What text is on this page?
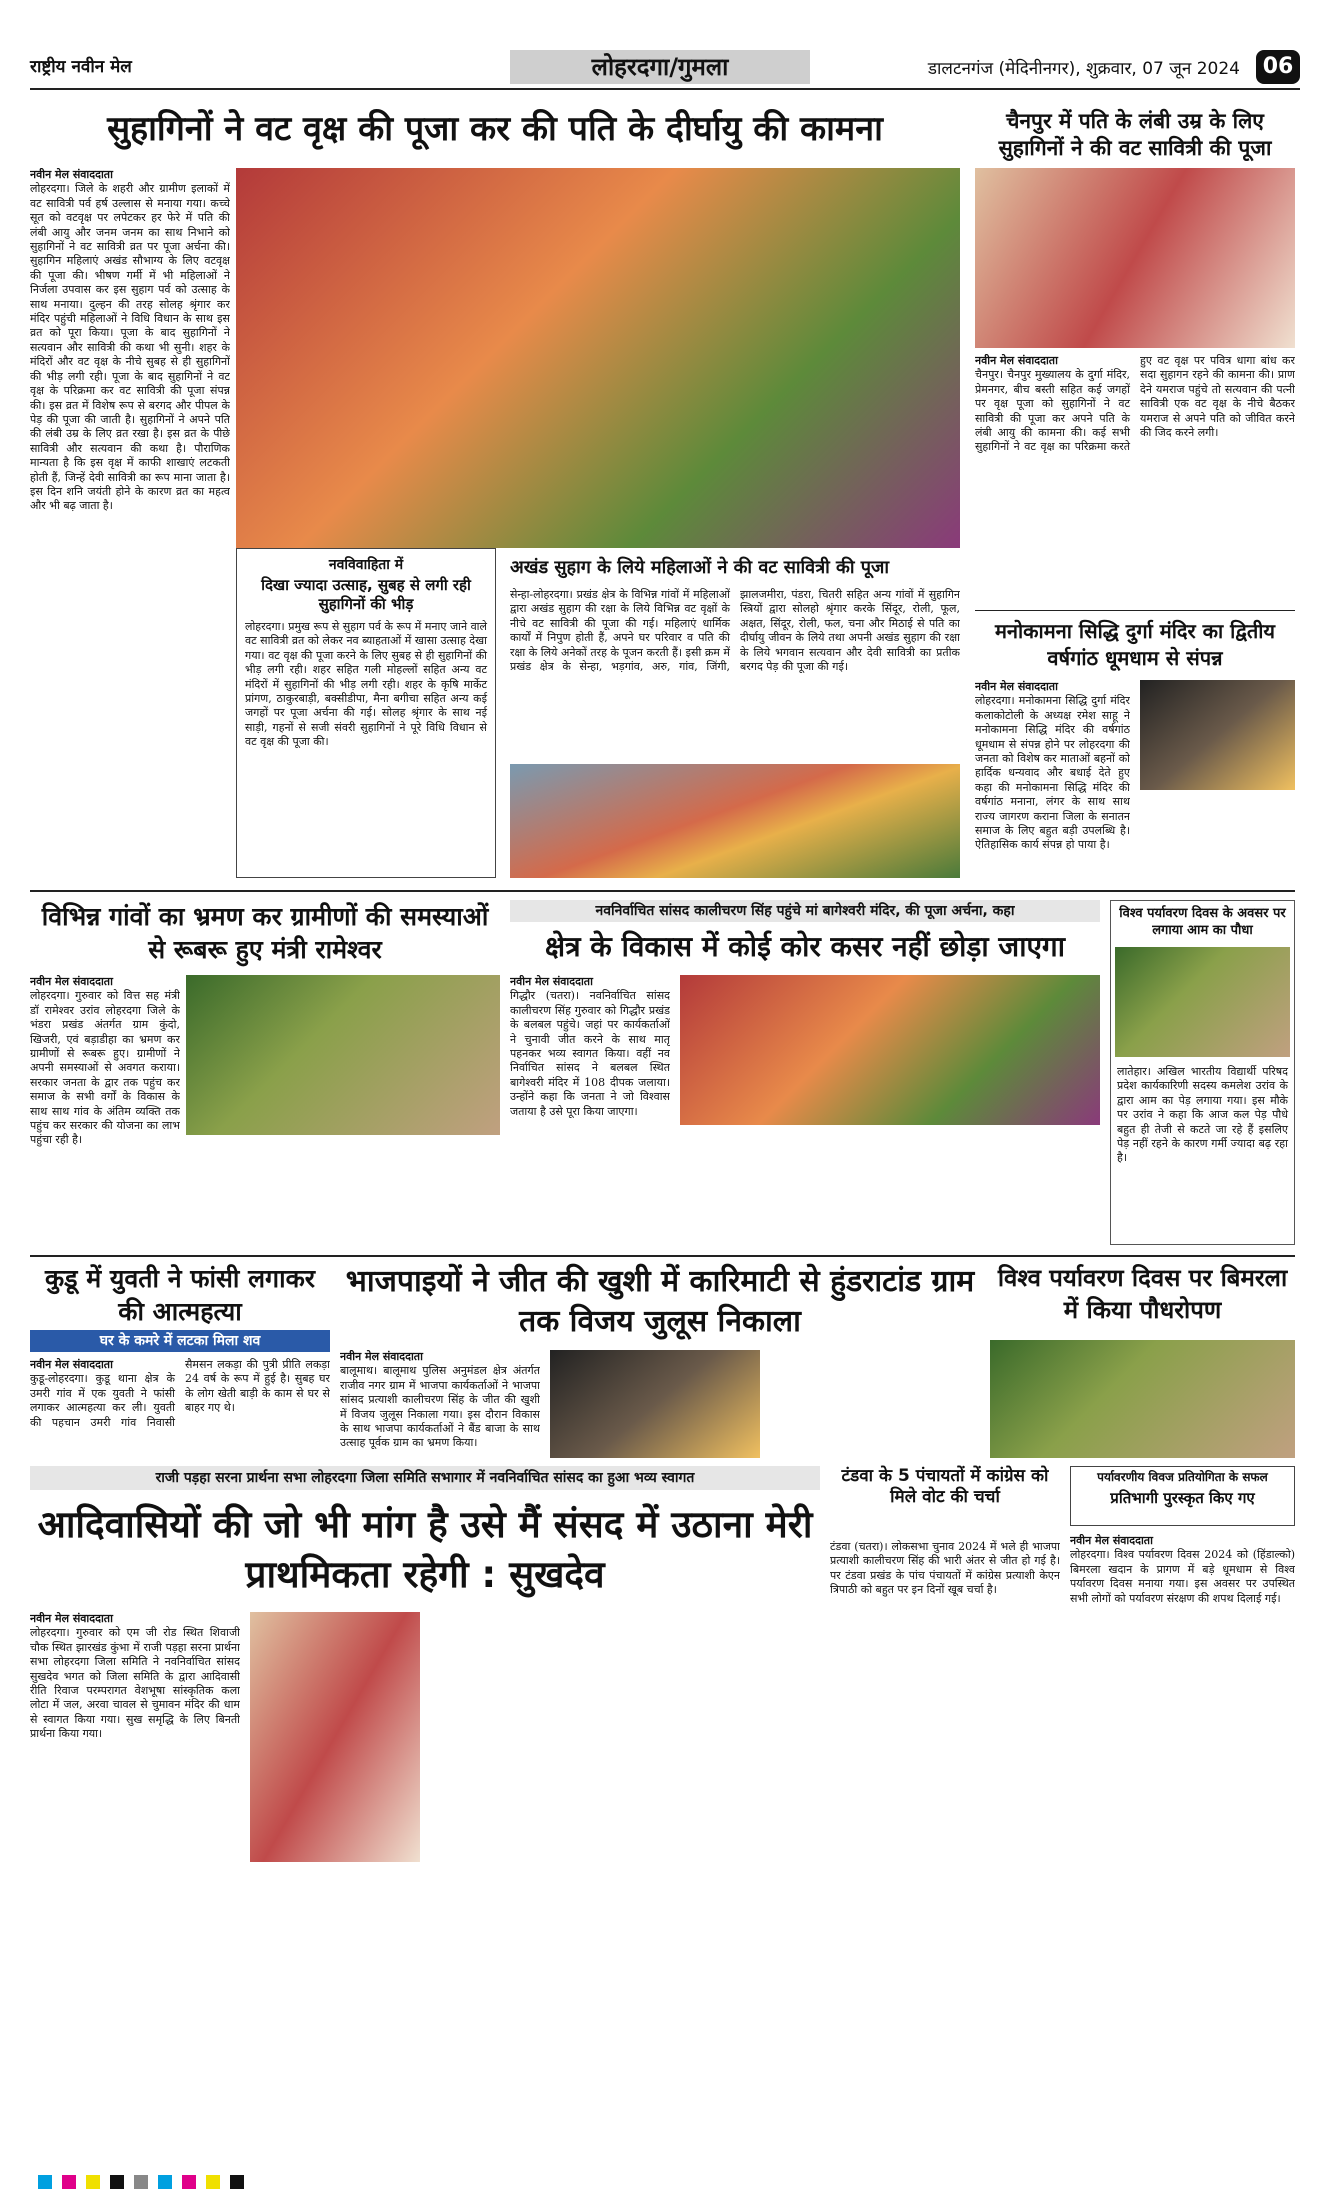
राष्ट्रीय नवीन मेल	लोहरदगा/गुमला	डालटनगंज (मेदिनीनगर), शुक्रवार, 07 जून 2024	06
सुहागिनों ने वट वृक्ष की पूजा कर की पति के दीर्घायु की कामना
नवीन मेल संवाददाता
लोहरदगा। जिले के शहरी और ग्रामीण इलाकों में वट सावित्री पर्व हर्ष उल्लास से मनाया गया। कच्चे सूत को वटवृक्ष पर लपेटकर हर फेरे में पति की लंबी आयु और जनम जनम का साथ निभाने को सुहागिनों ने वट सावित्री व्रत पर पूजा अर्चना की। सुहागिन महिलाएं अखंड सौभाग्य के लिए वटवृक्ष की पूजा की। भीषण गर्मी में भी महिलाओं ने निर्जला उपवास कर इस सुहाग पर्व को उत्साह के साथ मनाया। दुल्हन की तरह सोलह श्रृंगार कर मंदिर पहुंची महिलाओं ने विधि विधान के साथ इस व्रत को पूरा किया। पूजा के बाद सुहागिनों ने सत्यवान और सावित्री की कथा भी सुनी। शहर के मंदिरों और वट वृक्ष के नीचे सुबह से ही सुहागिनों की भीड़ लगी रही। पूजा के बाद सुहागिनों ने वट वृक्ष के परिक्रमा कर वट सावित्री की पूजा संपन्न की। इस व्रत में विशेष रूप से बरगद और पीपल के पेड़ की पूजा की जाती है। सुहागिनों ने अपने पति की लंबी उम्र के लिए व्रत रखा है। इस व्रत के पीछे सावित्री और सत्यवान की कथा है। पौराणिक मान्यता है कि इस वृक्ष में काफी शाखाएं लटकती होती हैं, जिन्हें देवी सावित्री का रूप माना जाता है। इस दिन शनि जयंती होने के कारण व्रत का महत्व और भी बढ़ जाता है।
नवविवाहिता में
दिखा ज्यादा उत्साह, सुबह से लगी रही सुहागिनों की भीड़
लोहरदगा। प्रमुख रूप से सुहाग पर्व के रूप में मनाए जाने वाले वट सावित्री व्रत को लेकर नव ब्याहताओं में खासा उत्साह देखा गया। वट वृक्ष की पूजा करने के लिए सुबह से ही सुहागिनों की भीड़ लगी रही। शहर सहित गली मोहल्लों सहित अन्य वट मंदिरों में सुहागिनों की भीड़ लगी रही। शहर के कृषि मार्केट प्रांगण, ठाकुरबाड़ी, बक्सीडीपा, मैना बगीचा सहित अन्य कई जगहों पर पूजा अर्चना की गई। सोलह श्रृंगार के साथ नई साड़ी, गहनों से सजी संवरी सुहागिनों ने पूरे विधि विधान से वट वृक्ष की पूजा की।
अखंड सुहाग के लिये महिलाओं ने की वट सावित्री की पूजा
सेन्हा-लोहरदगा। प्रखंड क्षेत्र के विभिन्न गांवों में महिलाओं द्वारा अखंड सुहाग की रक्षा के लिये विभिन्न वट वृक्षों के नीचे वट सावित्री की पूजा की गई। महिलाएं धार्मिक कार्यों में निपुण होती हैं, अपने घर परिवार व पति की रक्षा के लिये अनेकों तरह के पूजन करती हैं। इसी क्रम में प्रखंड क्षेत्र के सेन्हा, भड़गांव, अरु, गांव, जिंगी, झालजमीरा, पंडरा, चितरी सहित अन्य गांवों में सुहागिन स्त्रियों द्वारा सोलहो श्रृंगार करके सिंदूर, रोली, फूल, अक्षत, सिंदूर, रोली, फल, चना और मिठाई से पति का दीर्घायु जीवन के लिये तथा अपनी अखंड सुहाग की रक्षा के लिये भगवान सत्यवान और देवी सावित्री का प्रतीक बरगद पेड़ की पूजा की गई।
चैनपुर में पति के लंबी उम्र के लिए सुहागिनों ने की वट सावित्री की पूजा
नवीन मेल संवाददाता
चैनपुर। चैनपुर मुख्यालय के दुर्गा मंदिर, प्रेमनगर, बीच बस्ती सहित कई जगहों पर वृक्ष पूजा को सुहागिनों ने वट सावित्री की पूजा कर अपने पति के लंबी आयु की कामना की। कई सभी सुहागिनों ने वट वृक्ष का परिक्रमा करते हुए वट वृक्ष पर पवित्र धागा बांध कर सदा सुहागन रहने की कामना की। प्राण देने यमराज पहुंचे तो सत्यवान की पत्नी सावित्री एक वट वृक्ष के नीचे बैठकर यमराज से अपने पति को जीवित करने की जिद करने लगी।
मनोकामना सिद्धि दुर्गा मंदिर का द्वितीय वर्षगांठ धूमधाम से संपन्न
नवीन मेल संवाददाता
लोहरदगा। मनोकामना सिद्धि दुर्गा मंदिर कलाकोटोली के अध्यक्ष रमेश साहू ने मनोकामना सिद्धि मंदिर की वर्षगांठ धूमधाम से संपन्न होने पर लोहरदगा की जनता को विशेष कर माताओं बहनों को हार्दिक धन्यवाद और बधाई देते हुए कहा की मनोकामना सिद्धि मंदिर की वर्षगांठ मनाना, लंगर के साथ साथ राज्य जागरण कराना जिला के सनातन समाज के लिए बहुत बड़ी उपलब्धि है। ऐतिहासिक कार्य संपन्न हो पाया है।
विभिन्न गांवों का भ्रमण कर ग्रामीणों की समस्याओं से रूबरू हुए मंत्री रामेश्वर
नवीन मेल संवाददाता
लोहरदगा। गुरुवार को वित्त सह मंत्री डॉ रामेश्वर उरांव लोहरदगा जिले के भंडरा प्रखंड अंतर्गत ग्राम कुंदो, खिजरी, एवं बड़ाडीहा का भ्रमण कर ग्रामीणों से रूबरू हुए। ग्रामीणों ने अपनी समस्याओं से अवगत कराया। सरकार जनता के द्वार तक पहुंच कर समाज के सभी वर्गों के विकास के साथ साथ गांव के अंतिम व्यक्ति तक पहुंच कर सरकार की योजना का लाभ पहुंचा रही है।
नवनिर्वाचित सांसद कालीचरण सिंह पहुंचे मां बागेश्वरी मंदिर, की पूजा अर्चना, कहा
क्षेत्र के विकास में कोई कोर कसर नहीं छोड़ा जाएगा
नवीन मेल संवाददाता
गिद्धौर (चतरा)। नवनिर्वाचित सांसद कालीचरण सिंह गुरुवार को गिद्धौर प्रखंड के बलबल पहुंचे। जहां पर कार्यकर्ताओं ने चुनावी जीत करने के साथ मातृ पहनकर भव्य स्वागत किया। वहीं नव निर्वाचित सांसद ने बलबल स्थित बागेश्वरी मंदिर में 108 दीपक जलाया। उन्होंने कहा कि जनता ने जो विश्वास जताया है उसे पूरा किया जाएगा।
विश्व पर्यावरण दिवस के अवसर पर लगाया आम का पौधा
लातेहार। अखिल भारतीय विद्यार्थी परिषद प्रदेश कार्यकारिणी सदस्य कमलेश उरांव के द्वारा आम का पेड़ लगाया गया। इस मौके पर उरांव ने कहा कि आज कल पेड़ पौधे बहुत ही तेजी से कटते जा रहे हैं इसलिए पेड़ नहीं रहने के कारण गर्मी ज्यादा बढ़ रहा है।
कुडू में युवती ने फांसी लगाकर की आत्महत्या
घर के कमरे में लटका मिला शव
नवीन मेल संवाददाता
कुडू-लोहरदगा। कुडू थाना क्षेत्र के उमरी गांव में एक युवती ने फांसी लगाकर आत्महत्या कर ली। युवती की पहचान उमरी गांव निवासी सैमसन लकड़ा की पुत्री प्रीति लकड़ा 24 वर्ष के रूप में हुई है। सुबह घर के लोग खेती बाड़ी के काम से घर से बाहर गए थे।
भाजपाइयों ने जीत की खुशी में कारिमाटी से हुंडराटांड ग्राम तक विजय जुलूस निकाला
नवीन मेल संवाददाता
बालूमाथ। बालूमाथ पुलिस अनुमंडल क्षेत्र अंतर्गत राजीव नगर ग्राम में भाजपा कार्यकर्ताओं ने भाजपा सांसद प्रत्याशी कालीचरण सिंह के जीत की खुशी में विजय जुलूस निकाला गया। इस दौरान विकास के साथ भाजपा कार्यकर्ताओं ने बैंड बाजा के साथ उत्साह पूर्वक ग्राम का भ्रमण किया।
विश्व पर्यावरण दिवस पर बिमरला में किया पौधरोपण
राजी पड़हा सरना प्रार्थना सभा लोहरदगा जिला समिति सभागार में नवनिर्वाचित सांसद का हुआ भव्य स्वागत
आदिवासियों की जो भी मांग है उसे मैं संसद में उठाना मेरी प्राथमिकता रहेगी : सुखदेव
नवीन मेल संवाददाता
लोहरदगा। गुरुवार को एम जी रोड स्थित शिवाजी चौक स्थित झारखंड कुंभा में राजी पड़हा सरना प्रार्थना सभा लोहरदगा जिला समिति ने नवनिर्वाचित सांसद सुखदेव भगत को जिला समिति के द्वारा आदिवासी रीति रिवाज परम्परागत वेशभूषा सांस्कृतिक कला लोटा में जल, अरवा चावल से चुमावन मंदिर की धाम से स्वागत किया गया। सुख समृद्धि के लिए बिनती प्रार्थना किया गया।
टंडवा के 5 पंचायतों में कांग्रेस को मिले वोट की चर्चा
टंडवा (चतरा)। लोकसभा चुनाव 2024 में भले ही भाजपा प्रत्याशी कालीचरण सिंह की भारी अंतर से जीत हो गई है। पर टंडवा प्रखंड के पांच पंचायतों में कांग्रेस प्रत्याशी केएन त्रिपाठी को बहुत पर इन दिनों खूब चर्चा है।
पर्यावरणीय विवज प्रतियोगिता के सफल
प्रतिभागी पुरस्कृत किए गए
नवीन मेल संवाददाता
लोहरदगा। विश्व पर्यावरण दिवस 2024 को (हिंडाल्को) बिमरला खदान के प्रागण में बड़े धूमधाम से विश्व पर्यावरण दिवस मनाया गया। इस अवसर पर उपस्थित सभी लोगों को पर्यावरण संरक्षण की शपथ दिलाई गई।
